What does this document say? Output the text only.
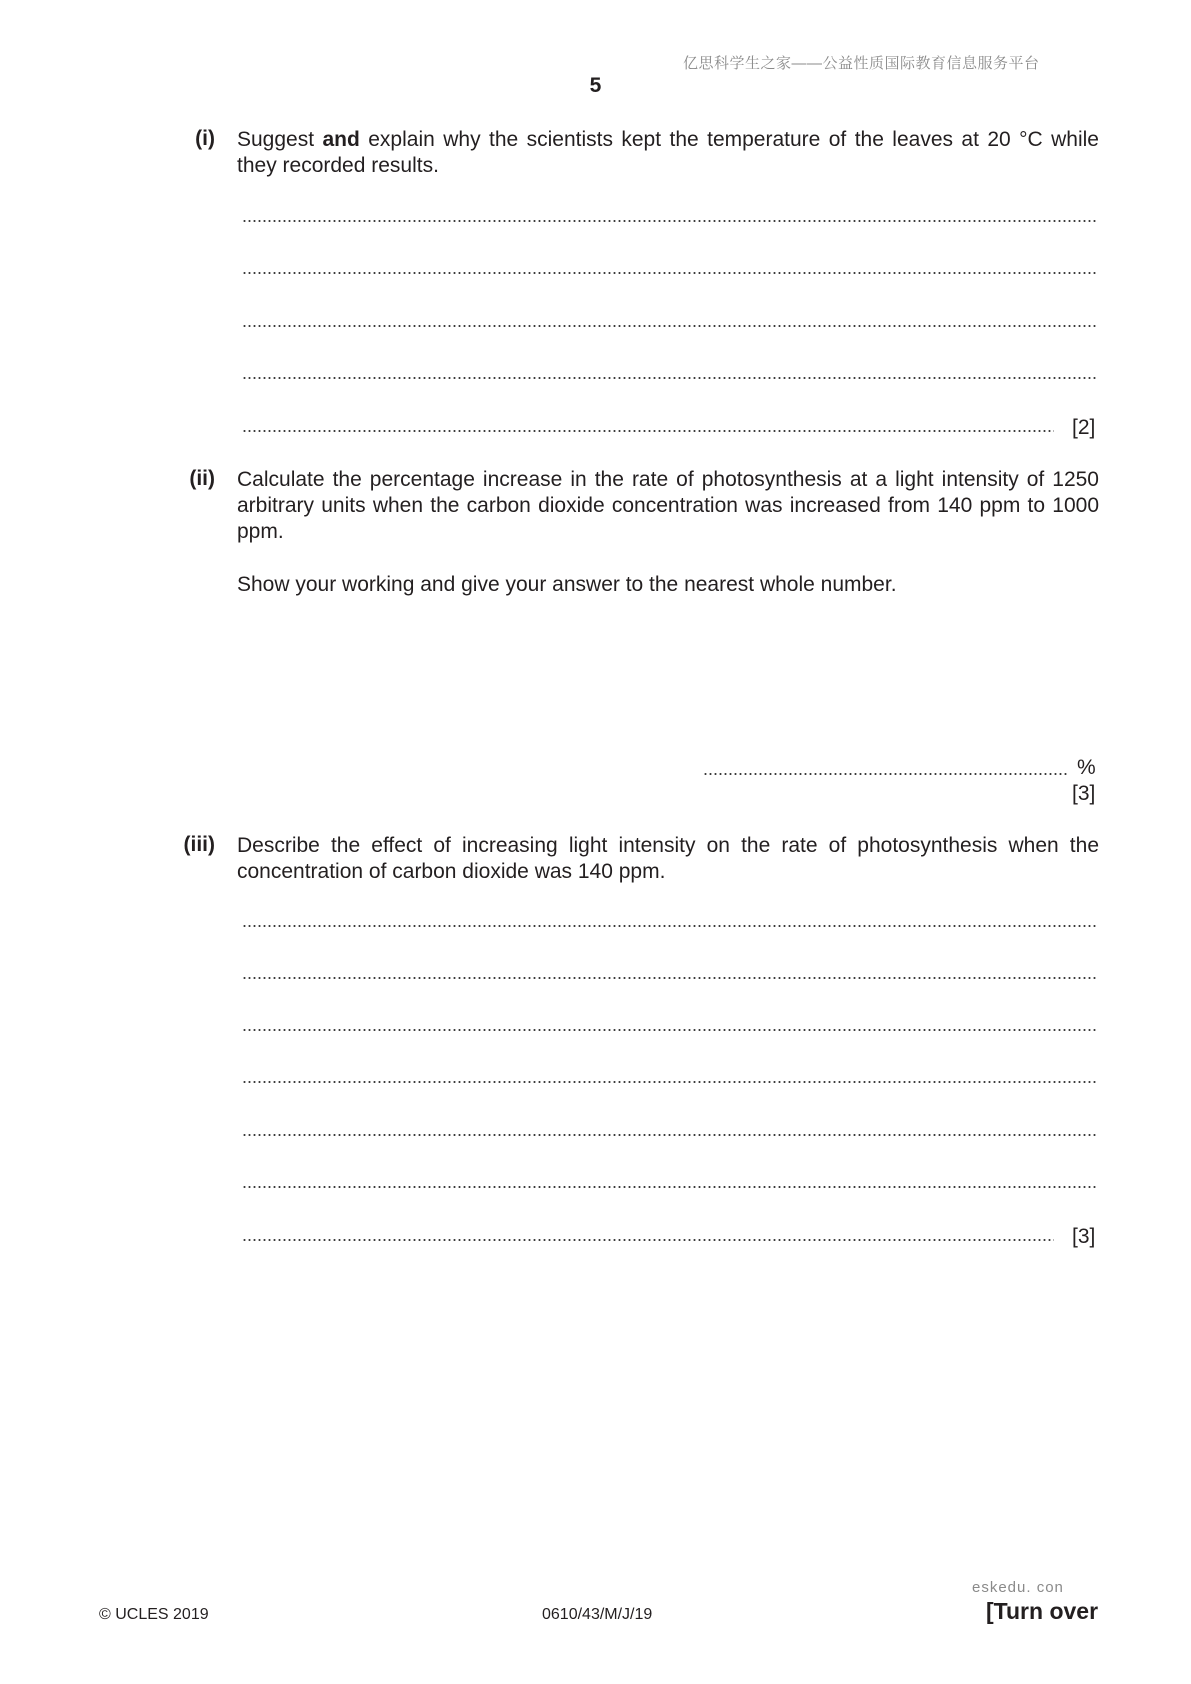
亿思科学生之家——公益性质国际教育信息服务平台
5
(i) Suggest and explain why the scientists kept the temperature of the leaves at 20 °C while they recorded results.
[2]
(ii) Calculate the percentage increase in the rate of photosynthesis at a light intensity of 1250 arbitrary units when the carbon dioxide concentration was increased from 140 ppm to 1000 ppm.
Show your working and give your answer to the nearest whole number.
%
[3]
(iii) Describe the effect of increasing light intensity on the rate of photosynthesis when the concentration of carbon dioxide was 140 ppm.
[3]
eskedu. con
© UCLES 2019	0610/43/M/J/19	[Turn over
